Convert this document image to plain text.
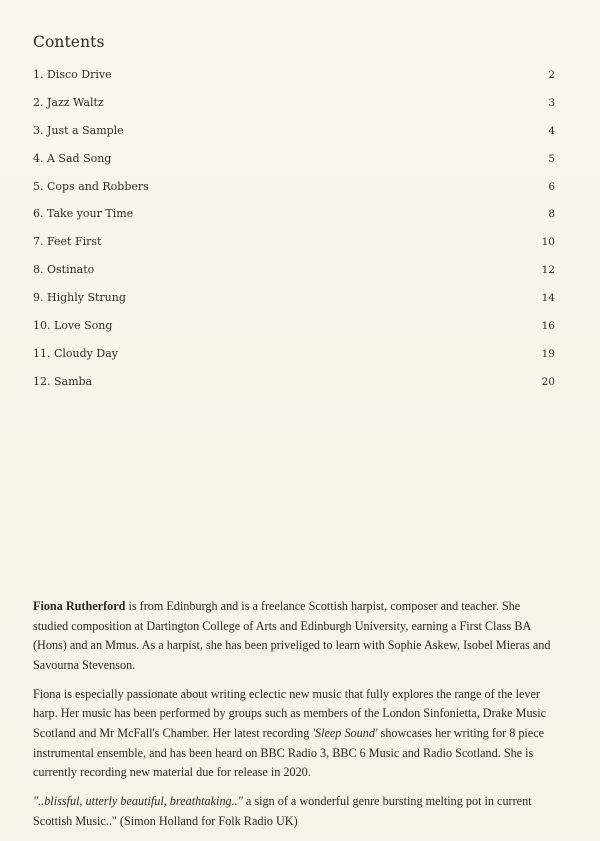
Contents
1. Disco Drive	2
2. Jazz Waltz	3
3. Just a Sample	4
4. A Sad Song	5
5. Cops and Robbers	6
6. Take your Time	8
7. Feet First	10
8. Ostinato	12
9. Highly Strung	14
10. Love Song	16
11. Cloudy Day	19
12. Samba	20

Fiona Rutherford is from Edinburgh and is a freelance Scottish harpist, composer and teacher. She studied composition at Dartington College of Arts and Edinburgh University, earning a First Class BA (Hons) and an Mmus. As a harpist, she has been priveliged to learn with Sophie Askew, Isobel Mieras and Savourna Stevenson.

Fiona is especially passionate about writing eclectic new music that fully explores the range of the lever harp. Her music has been performed by groups such as members of the London Sinfonietta, Drake Music Scotland and Mr McFall's Chamber. Her latest recording 'Sleep Sound' showcases her writing for 8 piece instrumental ensemble, and has been heard on BBC Radio 3, BBC 6 Music and Radio Scotland. She is currently recording new material due for release in 2020.

"..blissful, utterly beautiful, breathtaking.." a sign of a wonderful genre bursting melting pot in current Scottish Music.." (Simon Holland for Folk Radio UK)
